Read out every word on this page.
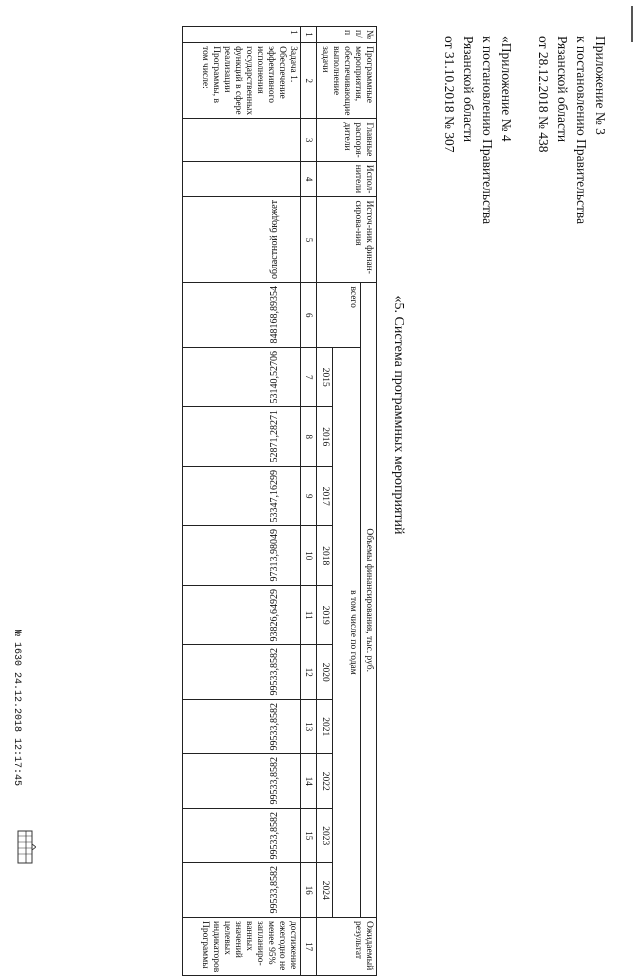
Приложение № 3

к постановлению Правительства

Рязанской области

от 28.12.2018 № 438

«Приложение № 4

к постановлению Правительства

Рязанской области

от 31.10.2018 № 307

«5. Система программных мероприятий
№ п/п	Программные мероприятия, обеспечивающие выполнение задачи	Главные распоря-дители	Испол-нители	Источ-ник финан-сирова-ния	Объемы финансирования, тыс. руб.											Ожидаемый результат
					всего	в том числе по годам										
						2015	2016	2017	2018	2019	2020	2021	2022	2023	2024	
1	2	3	4	5	6	7	8	9	10	11	12	13	14	15	16	17
1	Задача 1. Обеспечение эффективного исполнения государственных функций в сфере реализации Программы, в том числе:			областной бюджет	848168,89354	53140,52706	52871,28271	53347,16299	97313,98049	93826,64929	99533,8582	99533,8582	99533,8582	99533,8582	99533,8582	достижение ежегодно не менее 95% запланиро-ванных значений целевых индикаторов Программы
№ 1630 24.12.2018 12:17:45
